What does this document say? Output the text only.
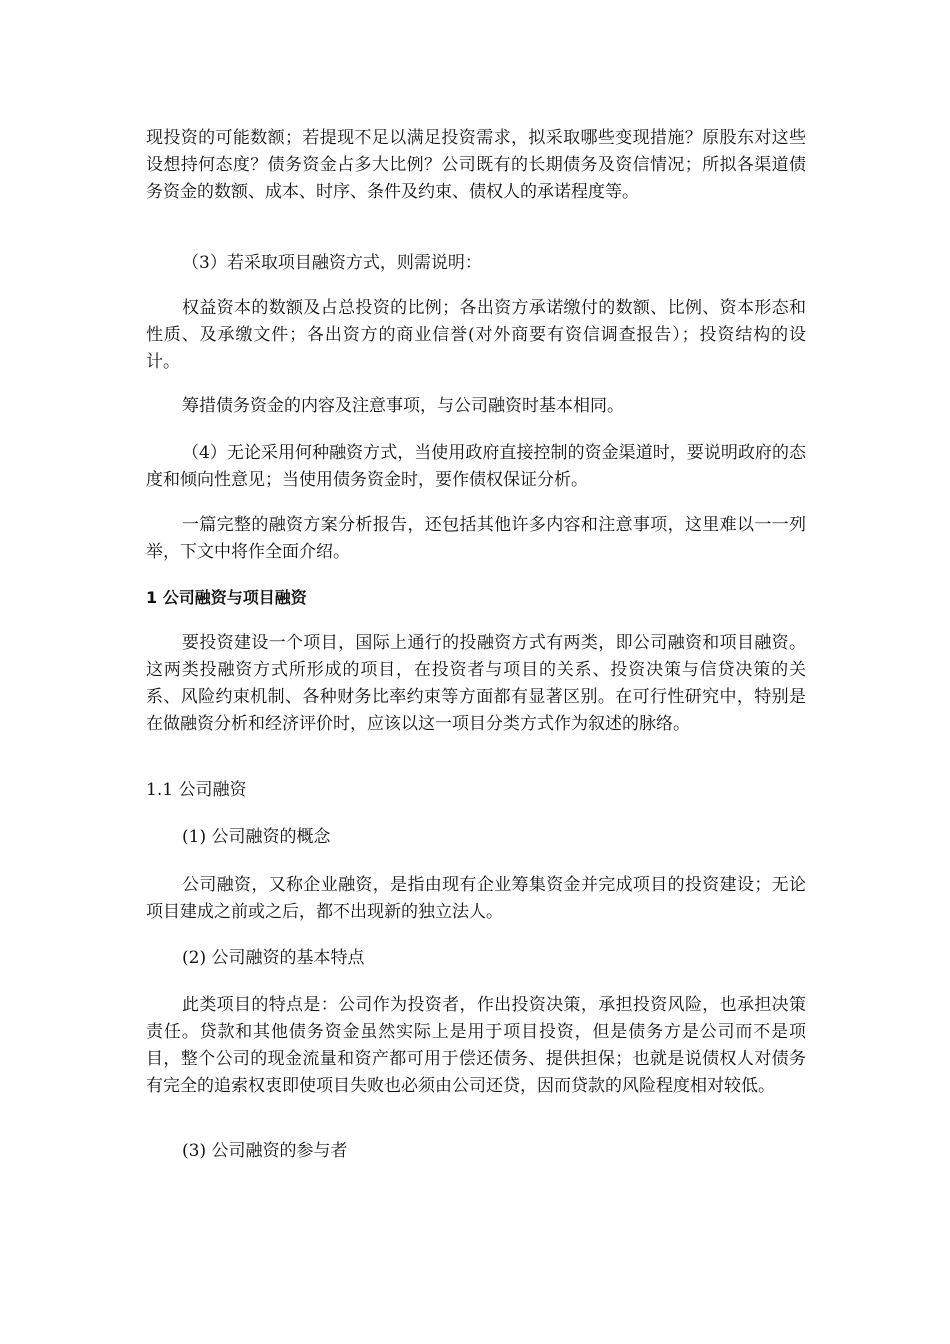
现投资的可能数额；若提现不足以满足投资需求，拟采取哪些变现措施？原股东对这些设想持何态度？债务资金占多大比例？公司既有的长期债务及资信情况；所拟各渠道债务资金的数额、成本、时序、条件及约束、债权人的承诺程度等。

（3）若采取项目融资方式，则需说明：

权益资本的数额及占总投资的比例；各出资方承诺缴付的数额、比例、资本形态和性质、及承缴文件；各出资方的商业信誉(对外商要有资信调查报告）；投资结构的设计。

筹措债务资金的内容及注意事项，与公司融资时基本相同。

（4）无论采用何种融资方式，当使用政府直接控制的资金渠道时，要说明政府的态度和倾向性意见；当使用债务资金时，要作债权保证分析。

一篇完整的融资方案分析报告，还包括其他许多内容和注意事项，这里难以一一列举，下文中将作全面介绍。

1 公司融资与项目融资

要投资建设一个项目，国际上通行的投融资方式有两类，即公司融资和项目融资。这两类投融资方式所形成的项目，在投资者与项目的关系、投资决策与信贷决策的关系、风险约束机制、各种财务比率约束等方面都有显著区别。在可行性研究中，特别是在做融资分析和经济评价时，应该以这一项目分类方式作为叙述的脉络。

1.1 公司融资

(1) 公司融资的概念

公司融资，又称企业融资，是指由现有企业筹集资金并完成项目的投资建设；无论项目建成之前或之后，都不出现新的独立法人。

(2) 公司融资的基本特点

此类项目的特点是：公司作为投资者，作出投资决策，承担投资风险，也承担决策责任。贷款和其他债务资金虽然实际上是用于项目投资，但是债务方是公司而不是项目，整个公司的现金流量和资产都可用于偿还债务、提供担保；也就是说债权人对债务有完全的追索权衷即使项目失败也必须由公司还贷，因而贷款的风险程度相对较低。

(3) 公司融资的参与者
